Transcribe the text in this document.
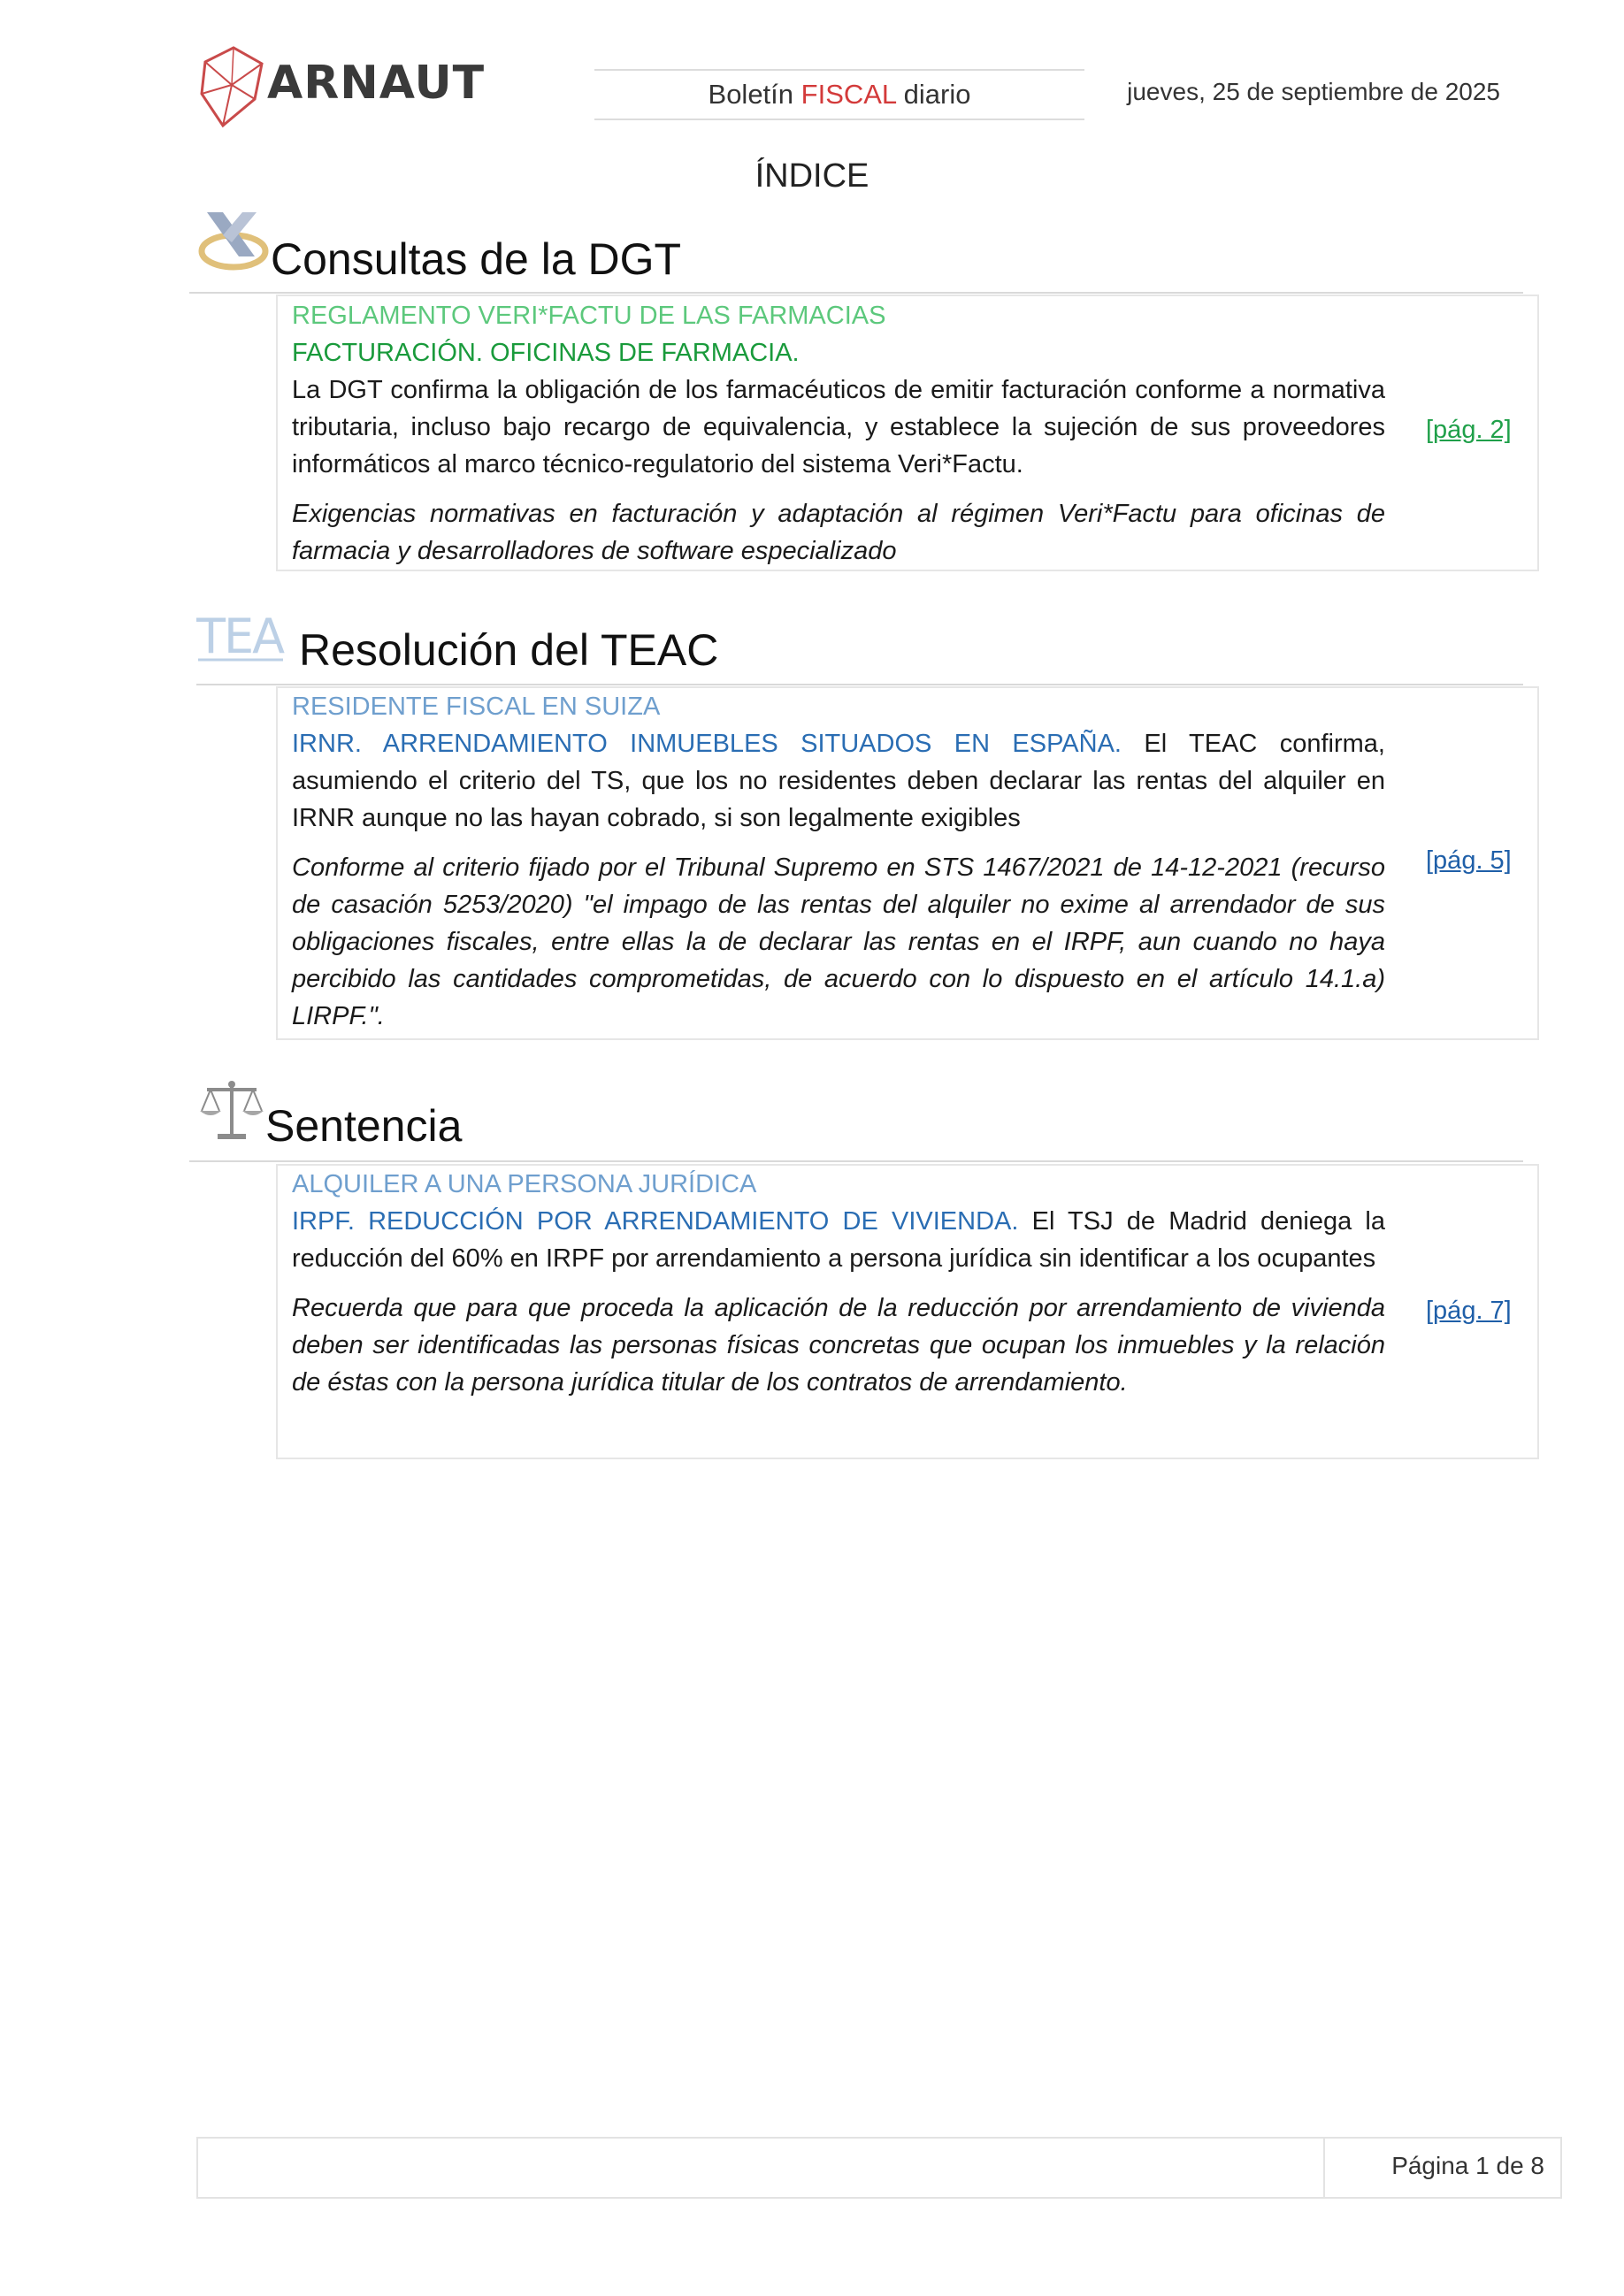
ARNAUT	Boletín FISCAL diario	jueves, 25 de septiembre de 2025
ÍNDICE
Consultas de la DGT
REGLAMENTO VERI*FACTU DE LAS FARMACIAS
FACTURACIÓN. OFICINAS DE FARMACIA.
La DGT confirma la obligación de los farmacéuticos de emitir facturación conforme a normativa tributaria, incluso bajo recargo de equivalencia, y establece la sujeción de sus proveedores informáticos al marco técnico-regulatorio del sistema Veri*Factu.
Exigencias normativas en facturación y adaptación al régimen Veri*Factu para oficinas de farmacia y desarrolladores de software especializado
[pág. 2]
TEA Resolución del TEAC
RESIDENTE FISCAL EN SUIZA
IRNR. ARRENDAMIENTO INMUEBLES SITUADOS EN ESPAÑA. El TEAC confirma, asumiendo el criterio del TS, que los no residentes deben declarar las rentas del alquiler en IRNR aunque no las hayan cobrado, si son legalmente exigibles
Conforme al criterio fijado por el Tribunal Supremo en STS 1467/2021 de 14-12-2021 (recurso de casación 5253/2020) "el impago de las rentas del alquiler no exime al arrendador de sus obligaciones fiscales, entre ellas la de declarar las rentas en el IRPF, aun cuando no haya percibido las cantidades comprometidas, de acuerdo con lo dispuesto en el artículo 14.1.a) LIRPF.".
[pág. 5]
Sentencia
ALQUILER A UNA PERSONA JURÍDICA
IRPF. REDUCCIÓN POR ARRENDAMIENTO DE VIVIENDA. El TSJ de Madrid deniega la reducción del 60% en IRPF por arrendamiento a persona jurídica sin identificar a los ocupantes
Recuerda que para que proceda la aplicación de la reducción por arrendamiento de vivienda deben ser identificadas las personas físicas concretas que ocupan los inmuebles y la relación de éstas con la persona jurídica titular de los contratos de arrendamiento.
[pág. 7]
Página 1 de 8
